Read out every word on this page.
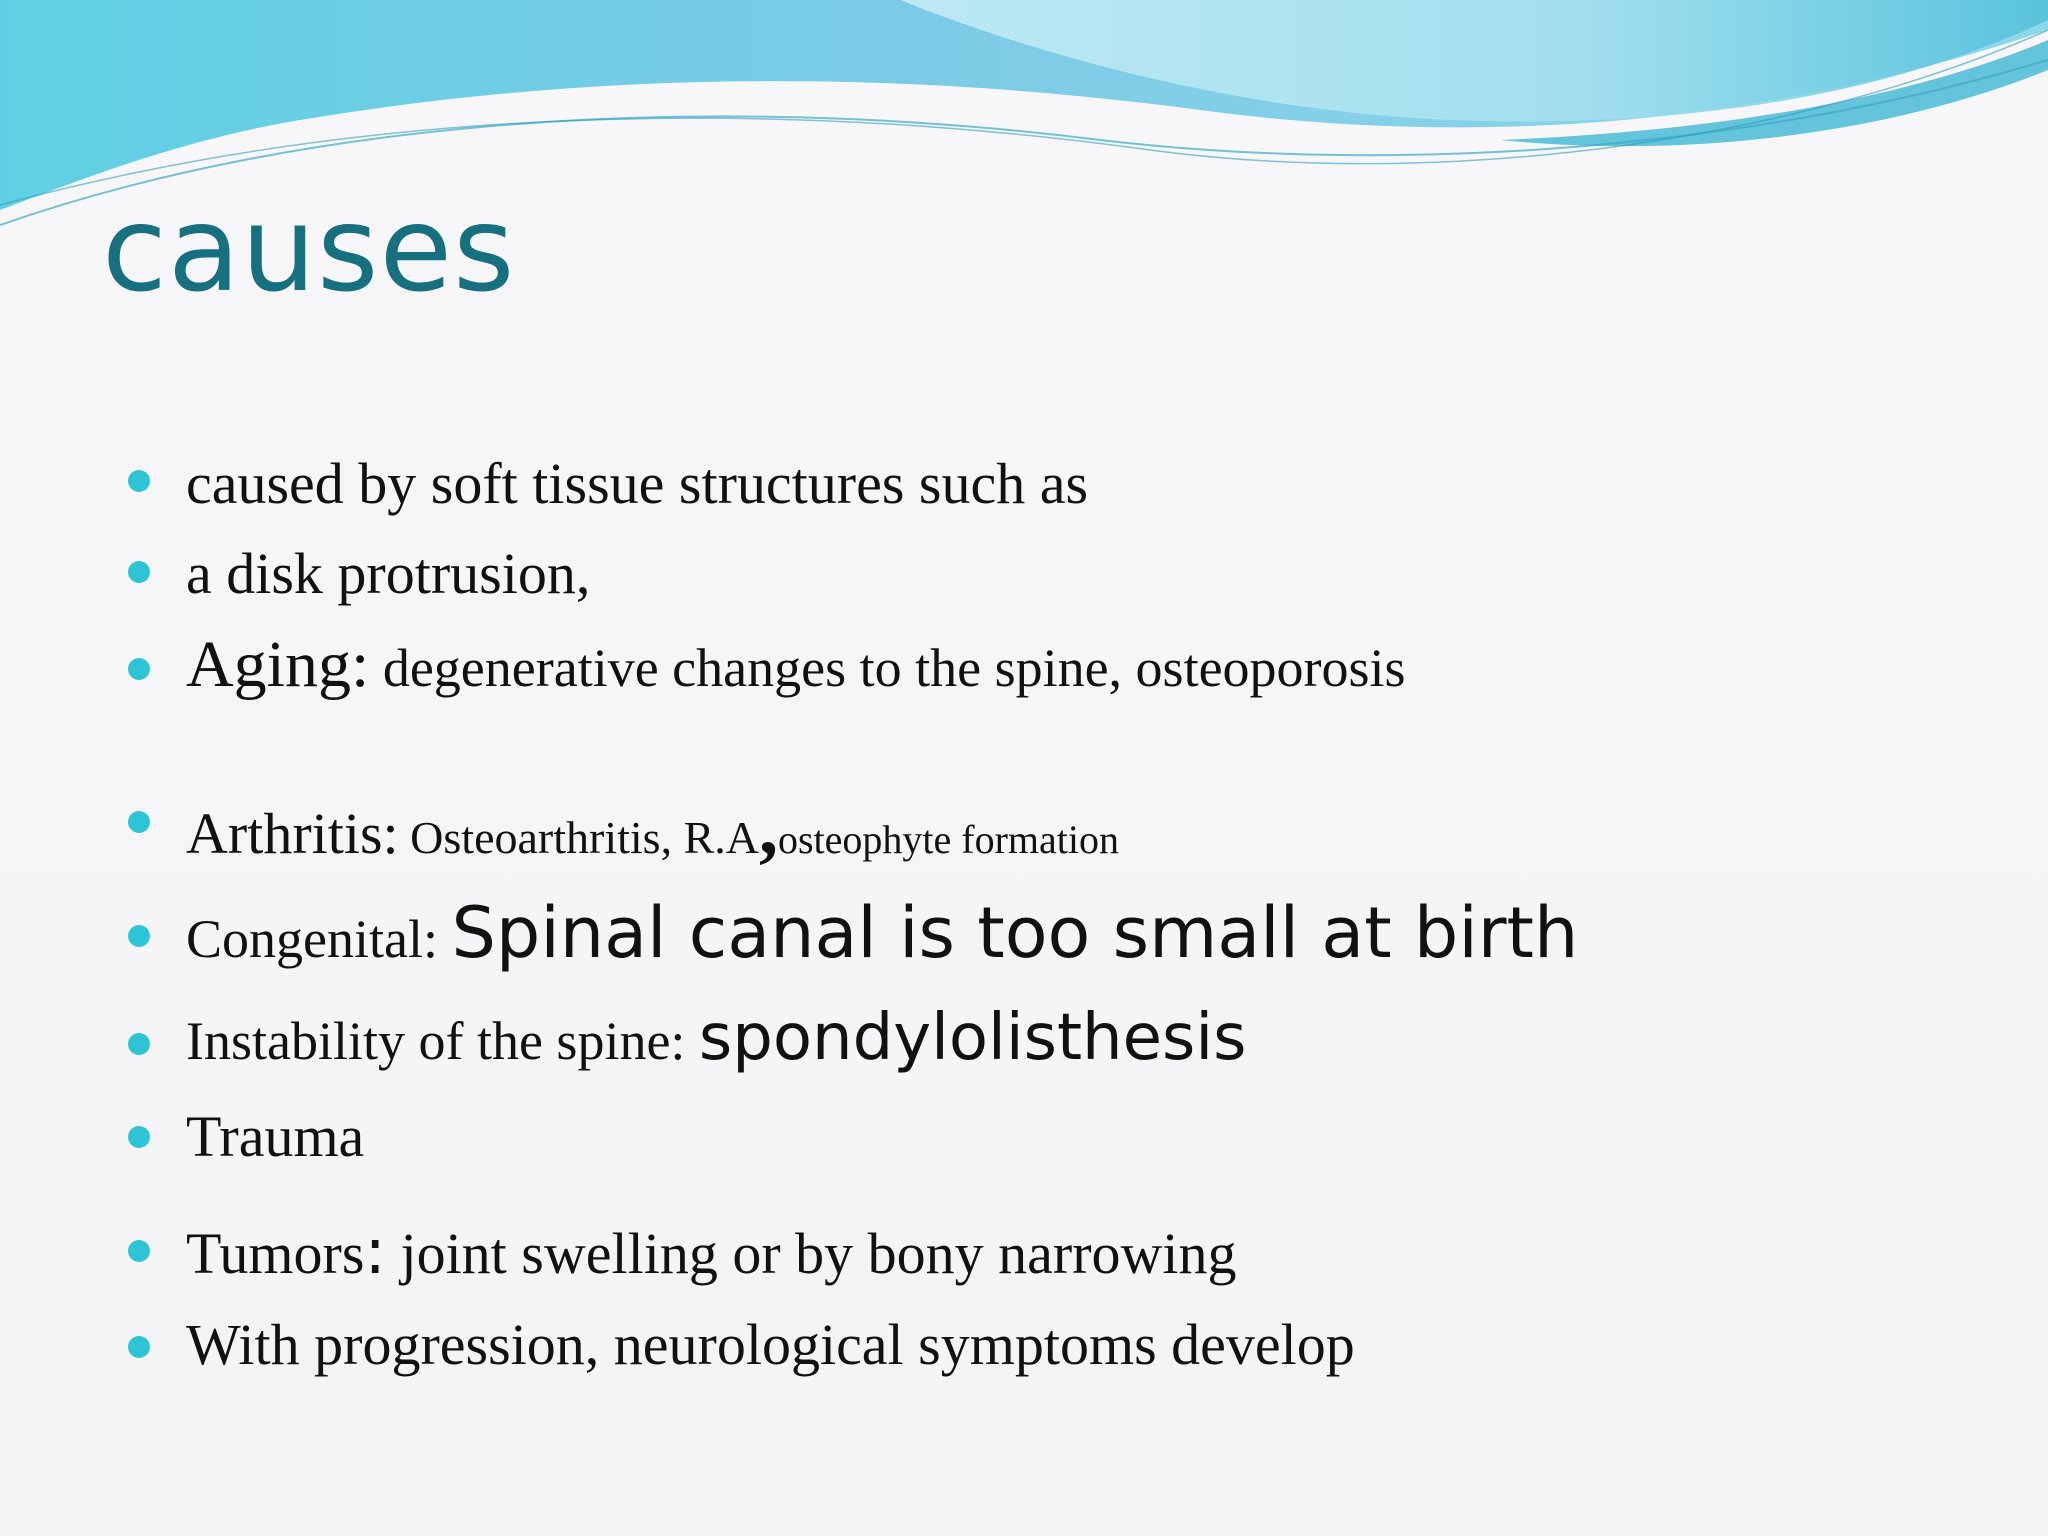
causes
caused by soft tissue structures such as
a disk protrusion,
Aging: degenerative changes to the spine, osteoporosis
Arthritis: Osteoarthritis, R.A,osteophyte formation
Congenital: Spinal canal is too small at birth
Instability of the spine: spondylolisthesis
Trauma
Tumors: joint swelling or by bony narrowing
With progression, neurological symptoms develop
